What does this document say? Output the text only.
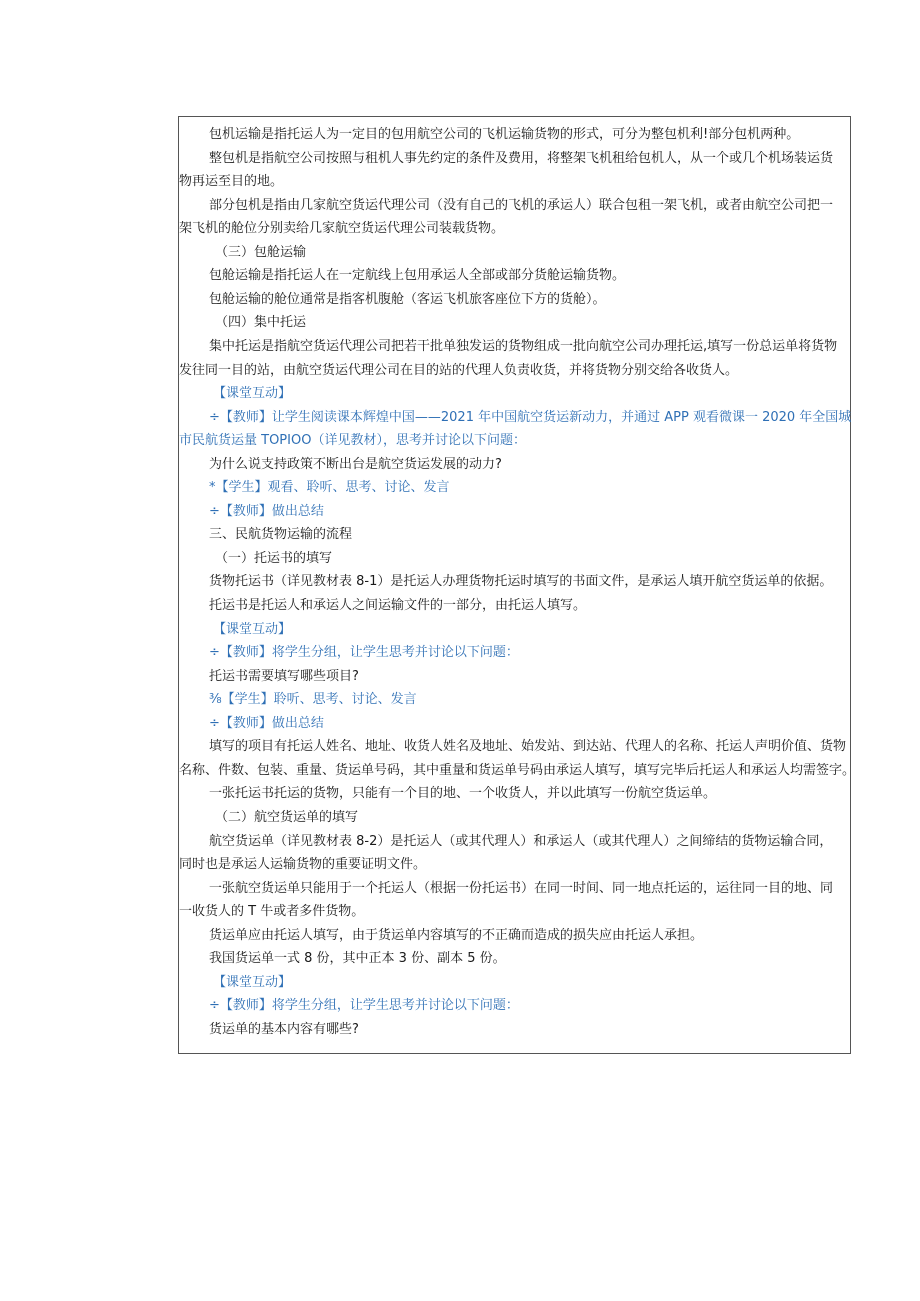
包机运输是指托运人为一定目的包用航空公司的飞机运输货物的形式，可分为整包机利!部分包机两种。
整包机是指航空公司按照与租机人事先约定的条件及费用，将整架飞机租给包机人，从一个或几个机场装运货
物再运至目的地。
部分包机是指由几家航空货运代理公司（没有自己的飞机的承运人）联合包租一架飞机，或者由航空公司把一
架飞机的舱位分别卖给几家航空货运代理公司装载货物。
（三）包舱运输
包舱运输是指托运人在一定航线上包用承运人全部或部分货舱运输货物。
包舱运输的舱位通常是指客机腹舱（客运飞机旅客座位下方的货舱）。
（四）集中托运
集中托运是指航空货运代理公司把若干批单独发运的货物组成一批向航空公司办理托运,填写一份总运单将货物
发往同一目的站，由航空货运代理公司在目的站的代理人负责收货，并将货物分别交给各收货人。
【课堂互动】
÷【教师】让学生阅读课本辉煌中国——2021 年中国航空货运新动力，并通过 APP 观看微课一 2020 年全国城
市民航货运量 TOPIOO（详见教材），思考并讨论以下问题：
为什么说支持政策不断出台是航空货运发展的动力?
*【学生】观看、聆听、思考、讨论、发言
÷【教师】做出总结
三、民航货物运输的流程
（一）托运书的填写
货物托运书（详见教材表 8-1）是托运人办理货物托运时填写的书面文件，是承运人填开航空货运单的依据。
托运书是托运人和承运人之间运输文件的一部分，由托运人填写。
【课堂互动】
÷【教师】将学生分组，让学生思考并讨论以下问题：
托运书需要填写哪些项目?
⅜【学生】聆听、思考、讨论、发言
÷【教师】做出总结
填写的项目有托运人姓名、地址、收货人姓名及地址、始发站、到达站、代理人的名称、托运人声明价值、货物
名称、件数、包装、重量、货运单号码，其中重量和货运单号码由承运人填写，填写完毕后托运人和承运人均需签字。
一张托运书托运的货物，只能有一个目的地、一个收货人，并以此填写一份航空货运单。
（二）航空货运单的填写
航空货运单（详见教材表 8-2）是托运人（或其代理人）和承运人（或其代理人）之间缔结的货物运输合同，
同时也是承运人运输货物的重要证明文件。
一张航空货运单只能用于一个托运人（根据一份托运书）在同一时间、同一地点托运的，运往同一目的地、同
一收货人的 T 牛或者多件货物。
货运单应由托运人填写，由于货运单内容填写的不正确而造成的损失应由托运人承担。
我国货运单一式 8 份，其中正本 3 份、副本 5 份。
【课堂互动】
÷【教师】将学生分组，让学生思考并讨论以下问题：
货运单的基本内容有哪些?
